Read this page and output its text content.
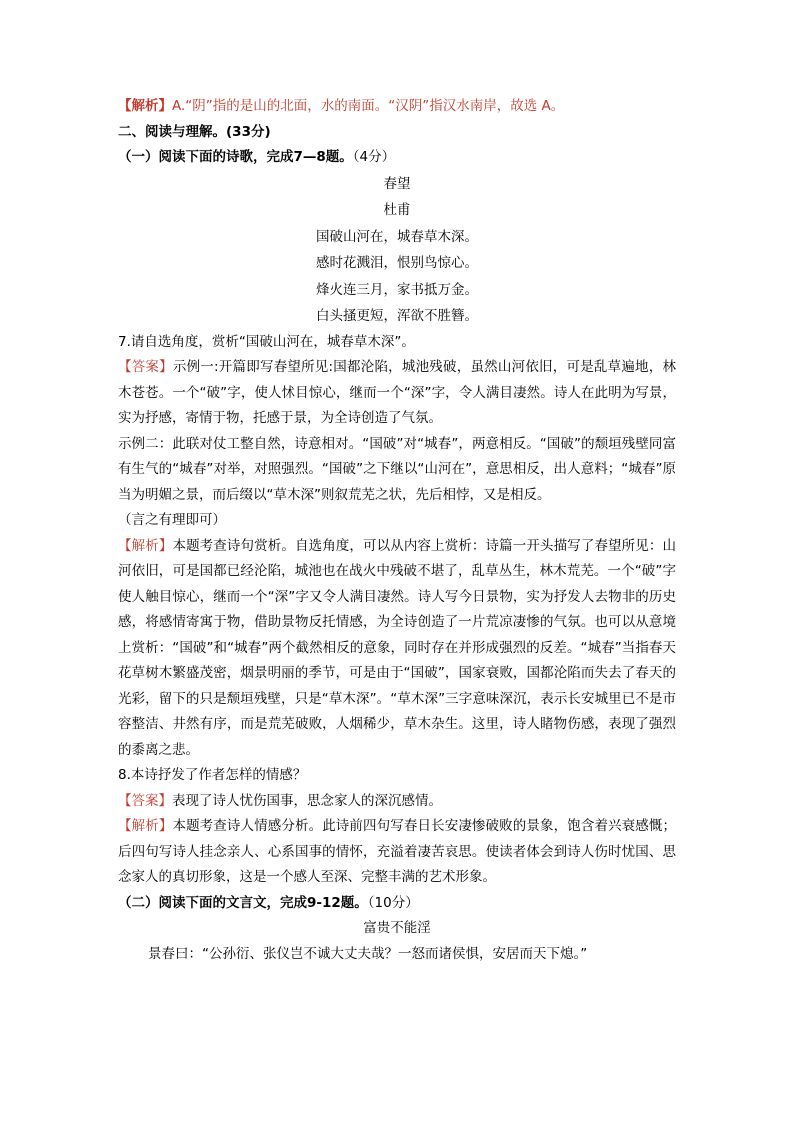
【解析】A.“阴”指的是山的北面，水的南面。“汉阴”指汉水南岸，故选 A。
二、阅读与理解。(33分)
（一）阅读下面的诗歌，完成7—8题。（4分）
春望
杜甫
国破山河在，城春草木深。
感时花溅泪，恨别鸟惊心。
烽火连三月，家书抵万金。
白头搔更短，浑欲不胜簪。
7.请自选角度，赏析“国破山河在，城春草木深”。
【答案】示例一:开篇即写春望所见:国都沦陷，城池残破，虽然山河依旧，可是乱草遍地，林木苍苍。一个“破”字，使人怵目惊心，继而一个“深”字，令人满目凄然。诗人在此明为写景，实为抒感，寄情于物，托感于景，为全诗创造了气氛。
示例二：此联对仗工整自然，诗意相对。“国破”对“城春”，两意相反。“国破”的颓垣残壁同富有生气的“城春”对举，对照强烈。“国破”之下继以“山河在”，意思相反，出人意料；“城春”原当为明媚之景，而后缀以“草木深”则叙荒芜之状，先后相悖，又是相反。
（言之有理即可）
【解析】本题考查诗句赏析。自选角度，可以从内容上赏析：诗篇一开头描写了春望所见：山河依旧，可是国都已经沦陷，城池也在战火中残破不堪了，乱草丛生，林木荒芜。一个“破”字使人触目惊心，继而一个“深”字又令人满目凄然。诗人写今日景物，实为抒发人去物非的历史感，将感情寄寓于物，借助景物反托情感，为全诗创造了一片荒凉凄惨的气氛。也可以从意境上赏析：“国破”和“城春”两个截然相反的意象，同时存在并形成强烈的反差。“城春”当指春天花草树木繁盛茂密，烟景明丽的季节，可是由于“国破”，国家衰败，国都沦陷而失去了春天的光彩，留下的只是颓垣残壁，只是“草木深”。“草木深”三字意味深沉，表示长安城里已不是市容整洁、井然有序，而是荒芜破败，人烟稀少，草木杂生。这里，诗人睹物伤感，表现了强烈的黍离之悲。
8.本诗抒发了作者怎样的情感？
【答案】表现了诗人忧伤国事，思念家人的深沉感情。
【解析】本题考查诗人情感分析。此诗前四句写春日长安凄惨破败的景象，饱含着兴衰感慨；后四句写诗人挂念亲人、心系国事的情怀，充溢着凄苦哀思。使读者体会到诗人伤时忧国、思念家人的真切形象，这是一个感人至深、完整丰满的艺术形象。
（二）阅读下面的文言文，完成9-12题。（10分）
富贵不能淫
景春曰：“公孙衍、张仪岂不诚大丈夫哉？一怒而诸侯惧，安居而天下熄。”
